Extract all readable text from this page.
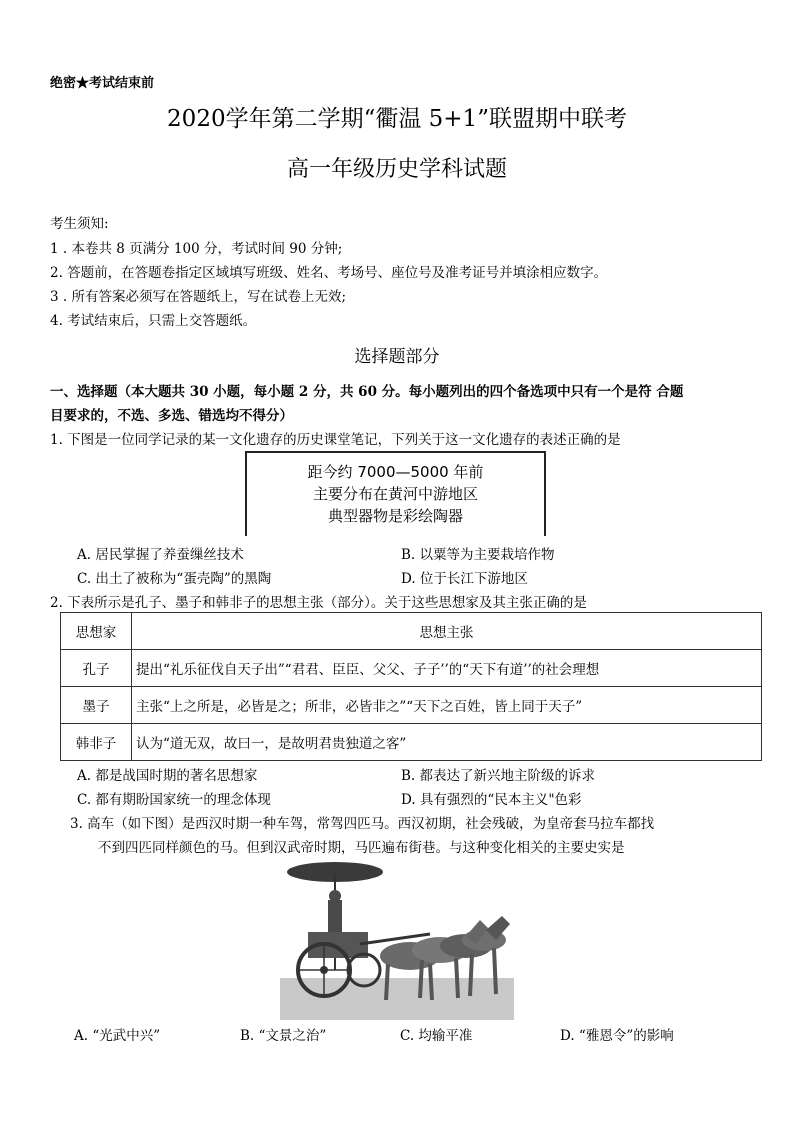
绝密★考试结束前
2020学年第二学期“衢温 5+1”联盟期中联考
高一年级历史学科试题
考生须知:
1 . 本卷共 8 页满分 100 分，考试时间 90 分钟;
2. 答题前，在答题卷指定区域填写班级、姓名、考场号、座位号及准考证号并填涂相应数字。
3 . 所有答案必须写在答题纸上，写在试卷上无效;
4. 考试结束后，只需上交答题纸。
选择题部分
一、选择题（本大题共 30 小题，每小题 2 分，共 60 分。每小题列出的四个备选项中只有一个是符 合题
目要求的，不选、多选、错选均不得分）
1. 下图是一位同学记录的某一文化遗存的历史课堂笔记，下列关于这一文化遗存的表述正确的是
距今约 7000—5000 年前
主要分布在黄河中游地区
典型器物是彩绘陶器
A. 居民掌握了养蚕缫丝技术	B. 以粟等为主要栽培作物
C. 出土了被称为“蛋壳陶”的黑陶	D. 位于长江下游地区
2. 下表所示是孔子、墨子和韩非子的思想主张（部分）。关于这些思想家及其主张正确的是
思想家	思想主张
孔子	提出“礼乐征伐自天子出”“君君、臣臣、父父、子子’’的“天下有道’’的社会理想
墨子	主张“上之所是，必皆是之；所非，必皆非之”“天下之百姓，皆上同于天子”
韩非子	认为“道无双，故曰一，是故明君贵独道之客”
A. 都是战国时期的著名思想家	B. 都表达了新兴地主阶级的诉求
C. 都有期盼国家统一的理念体现	D. 具有强烈的“民本主义"色彩
3. 高车（如下图）是西汉时期一种车驾，常驾四匹马。西汉初期，社会残破，为皇帝套马拉车都找
不到四匹同样颜色的马。但到汉武帝时期，马匹遍布街巷。与这种变化相关的主要史实是
A. “光武中兴”	B. “文景之治”	C. 均输平准	D. “雅恩令”的影响
